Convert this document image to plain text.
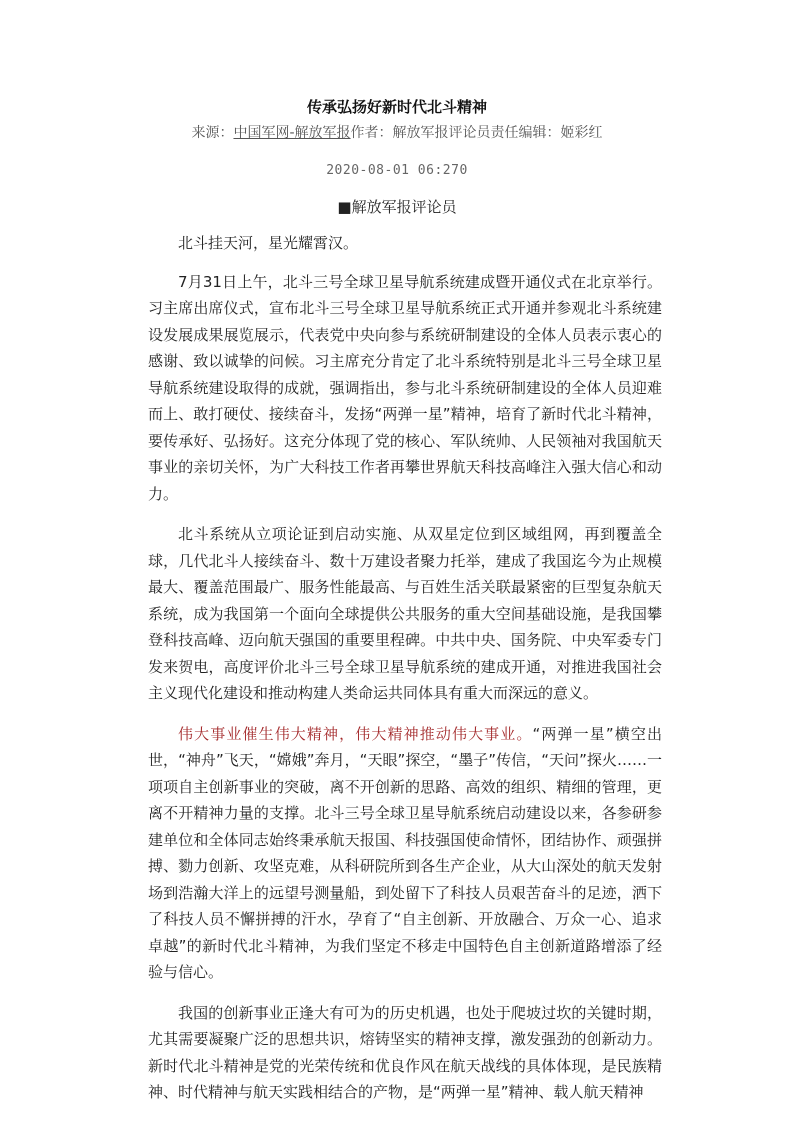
传承弘扬好新时代北斗精神
来源：中国军网-解放军报作者：解放军报评论员责任编辑：姬彩红
2020-08-01 06:270
■解放军报评论员

北斗挂天河，星光耀霄汉。

7月31日上午，北斗三号全球卫星导航系统建成暨开通仪式在北京举行。习主席出席仪式，宣布北斗三号全球卫星导航系统正式开通并参观北斗系统建设发展成果展览展示，代表党中央向参与系统研制建设的全体人员表示衷心的感谢、致以诚挚的问候。习主席充分肯定了北斗系统特别是北斗三号全球卫星导航系统建设取得的成就，强调指出，参与北斗系统研制建设的全体人员迎难而上、敢打硬仗、接续奋斗，发扬“两弹一星”精神，培育了新时代北斗精神，要传承好、弘扬好。这充分体现了党的核心、军队统帅、人民领袖对我国航天事业的亲切关怀，为广大科技工作者再攀世界航天科技高峰注入强大信心和动力。

北斗系统从立项论证到启动实施、从双星定位到区域组网，再到覆盖全球，几代北斗人接续奋斗、数十万建设者聚力托举，建成了我国迄今为止规模最大、覆盖范围最广、服务性能最高、与百姓生活关联最紧密的巨型复杂航天系统，成为我国第一个面向全球提供公共服务的重大空间基础设施，是我国攀登科技高峰、迈向航天强国的重要里程碑。中共中央、国务院、中央军委专门发来贺电，高度评价北斗三号全球卫星导航系统的建成开通，对推进我国社会主义现代化建设和推动构建人类命运共同体具有重大而深远的意义。

伟大事业催生伟大精神，伟大精神推动伟大事业。“两弹一星”横空出世，“神舟”飞天，“嫦娥”奔月，“天眼”探空，“墨子”传信，“天问”探火……一项项自主创新事业的突破，离不开创新的思路、高效的组织、精细的管理，更离不开精神力量的支撑。北斗三号全球卫星导航系统启动建设以来，各参研参建单位和全体同志始终秉承航天报国、科技强国使命情怀，团结协作、顽强拼搏、勠力创新、攻坚克难，从科研院所到各生产企业，从大山深处的航天发射场到浩瀚大洋上的远望号测量船，到处留下了科技人员艰苦奋斗的足迹，洒下了科技人员不懈拼搏的汗水，孕育了“自主创新、开放融合、万众一心、追求卓越”的新时代北斗精神，为我们坚定不移走中国特色自主创新道路增添了经验与信心。

我国的创新事业正逢大有可为的历史机遇，也处于爬坡过坎的关键时期，尤其需要凝聚广泛的思想共识，熔铸坚实的精神支撑，激发强劲的创新动力。新时代北斗精神是党的光荣传统和优良作风在航天战线的具体体现，是民族精神、时代精神与航天实践相结合的产物，是“两弹一星”精神、载人航天精神
